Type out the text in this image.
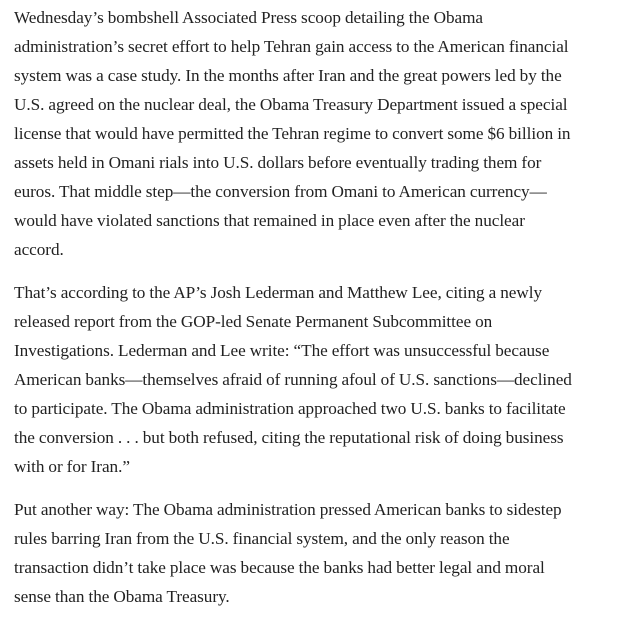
Wednesday’s bombshell Associated Press scoop detailing the Obama
administration’s secret effort to help Tehran gain access to the American financial
system was a case study. In the months after Iran and the great powers led by the
U.S. agreed on the nuclear deal, the Obama Treasury Department issued a special
license that would have permitted the Tehran regime to convert some $6 billion in
assets held in Omani rials into U.S. dollars before eventually trading them for
euros. That middle step—the conversion from Omani to American currency—
would have violated sanctions that remained in place even after the nuclear
accord.
That’s according to the AP’s Josh Lederman and Matthew Lee, citing a newly
released report from the GOP-led Senate Permanent Subcommittee on
Investigations. Lederman and Lee write: “The effort was unsuccessful because
American banks—themselves afraid of running afoul of U.S. sanctions—declined
to participate. The Obama administration approached two U.S. banks to facilitate
the conversion . . . but both refused, citing the reputational risk of doing business
with or for Iran.”
Put another way: The Obama administration pressed American banks to sidestep
rules barring Iran from the U.S. financial system, and the only reason the
transaction didn’t take place was because the banks had better legal and moral
sense than the Obama Treasury.
